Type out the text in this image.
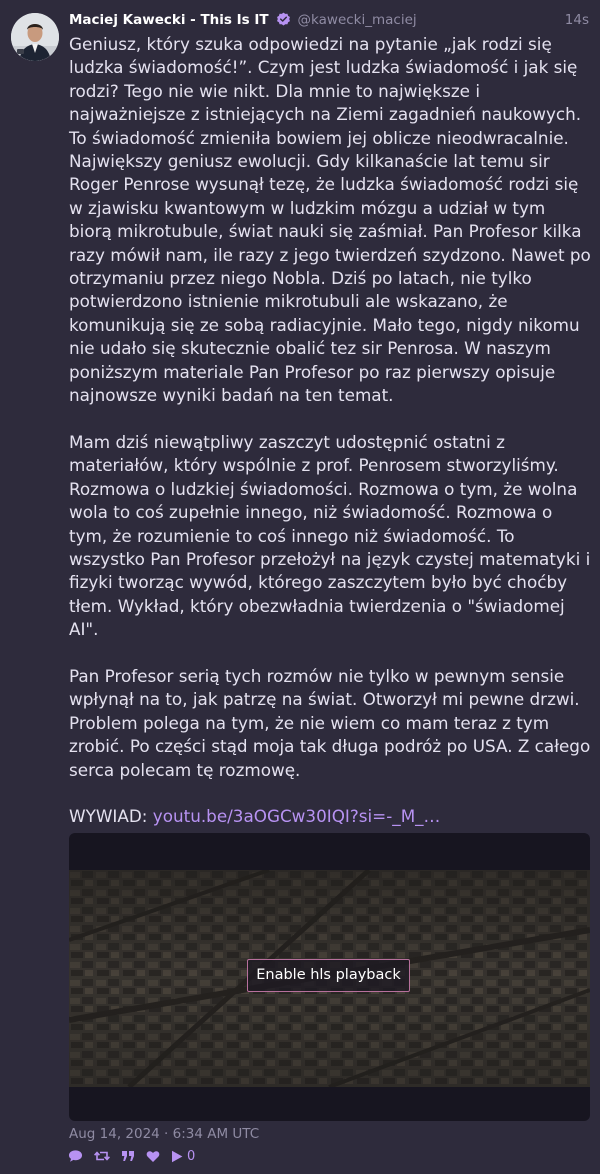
Maciej Kawecki - This Is IT @kawecki_maciej	14s

Geniusz, który szuka odpowiedzi na pytanie „jak rodzi się ludzka świadomość!”. Czym jest ludzka świadomość i jak się rodzi? Tego nie wie nikt. Dla mnie to największe i najważniejsze z istniejących na Ziemi zagadnień naukowych. To świadomość zmieniła bowiem jej oblicze nieodwracalnie. Największy geniusz ewolucji. Gdy kilkanaście lat temu sir Roger Penrose wysunął tezę, że ludzka świadomość rodzi się w zjawisku kwantowym w ludzkim mózgu a udział w tym biorą mikrotubule, świat nauki się zaśmiał. Pan Profesor kilka razy mówił nam, ile razy z jego twierdzeń szydzono. Nawet po otrzymaniu przez niego Nobla. Dziś po latach, nie tylko potwierdzono istnienie mikrotubuli ale wskazano, że komunikują się ze sobą radiacyjnie. Mało tego, nigdy nikomu nie udało się skutecznie obalić tez sir Penrosa. W naszym poniższym materiale Pan Profesor po raz pierwszy opisuje najnowsze wyniki badań na ten temat.

Mam dziś niewątpliwy zaszczyt udostępnić ostatni z materiałów, który wspólnie z prof. Penrosem stworzyliśmy. Rozmowa o ludzkiej świadomości. Rozmowa o tym, że wolna wola to coś zupełnie innego, niż świadomość. Rozmowa o tym, że rozumienie to coś innego niż świadomość. To wszystko Pan Profesor przełożył na język czystej matematyki i fizyki tworząc wywód, którego zaszczytem było być choćby tłem. Wykład, który obezwładnia twierdzenia o "świadomej AI".

Pan Profesor serią tych rozmów nie tylko w pewnym sensie wpłynął na to, jak patrzę na świat. Otworzył mi pewne drzwi. Problem polega na tym, że nie wiem co mam teraz z tym zrobić. Po części stąd moja tak długa podróż po USA. Z całego serca polecam tę rozmowę.

WYWIAD: youtu.be/3aOGCw30IQI?si=-_M_…

Enable hls playback
Aug 14, 2024 · 6:34 AM UTC
0
